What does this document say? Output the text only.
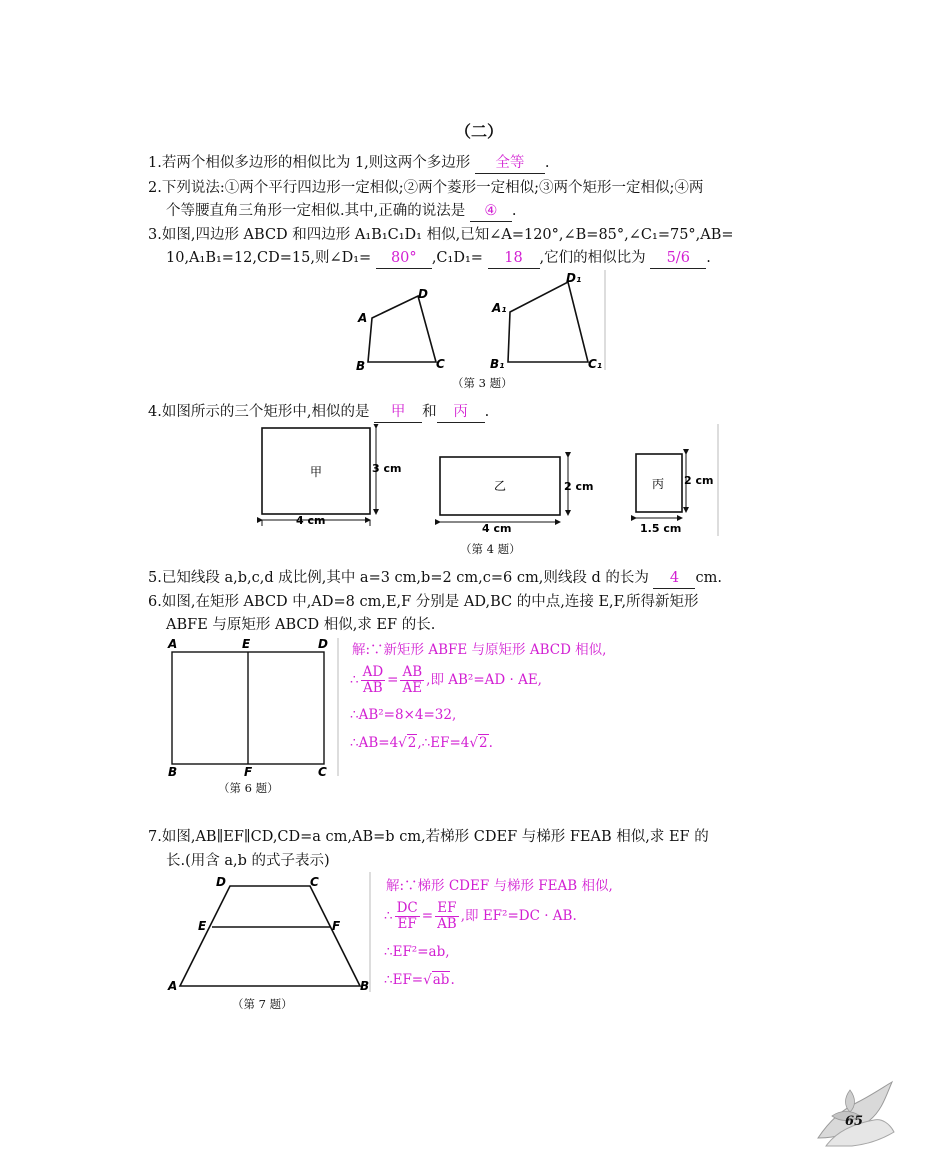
（二）
1.若两个相似多边形的相似比为 1,则这两个多边形 全等 .
2.下列说法:①两个平行四边形一定相似;②两个菱形一定相似;③两个矩形一定相似;④两
个等腰直角三角形一定相似.其中,正确的说法是 ④ .
3.如图,四边形 ABCD 和四边形 A₁B₁C₁D₁ 相似,已知∠A=120°,∠B=85°,∠C₁=75°,AB=
10,A₁B₁=12,CD=15,则∠D₁= 80° ,C₁D₁= 18 ,它们的相似比为 5/6 .
A
D
B	C
A₁
D₁
B₁	C₁
（第 3 题）
4.如图所示的三个矩形中,相似的是 甲 和 丙 .
甲	3 cm
4 cm
乙	2 cm
4 cm
丙 2 cm
1.5 cm
（第 4 题）
5.已知线段 a,b,c,d 成比例,其中 a=3 cm,b=2 cm,c=6 cm,则线段 d 的长为 4 cm.
6.如图,在矩形 ABCD 中,AD=8 cm,E,F 分别是 AD,BC 的中点,连接 E,F,所得新矩形
ABFE 与原矩形 ABCD 相似,求 EF 的长.
A	E	D
B	F	C
（第 6 题）
解:∵新矩形 ABFE 与原矩形 ABCD 相似,
∴ $\frac{AD}{AB} = \frac{AB}{AE}$ ,即 AB²=AD · AE,
∴AB²=8×4=32,
∴AB=4√2,∴EF=4√2.
7.如图,AB∥EF∥CD,CD=a cm,AB=b cm,若梯形 CDEF 与梯形 FEAB 相似,求 EF 的
长.(用含 a,b 的式子表示)
D	C
E	F
A	B
（第 7 题）
解:∵梯形 CDEF 与梯形 FEAB 相似,
∴ $\frac{DC}{EF} = \frac{EF}{AB}$ ,即 EF²=DC · AB.
∴EF²=ab,
∴EF=√ab.
65
